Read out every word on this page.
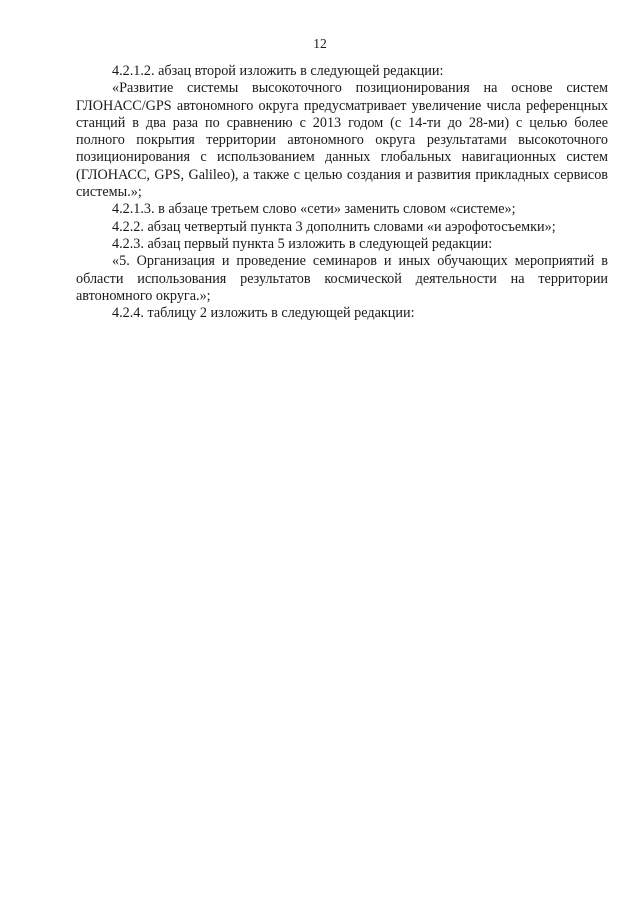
12

4.2.1.2. абзац второй изложить в следующей редакции:

«Развитие системы высокоточного позиционирования на основе систем ГЛОНАСС/GPS автономного округа предусматривает увеличение числа референцных станций в два раза по сравнению с 2013 годом (с 14-ти до 28-ми) с целью более полного покрытия территории автономного округа результатами высокоточного позиционирования с использованием данных глобальных навигационных систем (ГЛОНАСС, GPS, Galileo), а также с целью создания и развития прикладных сервисов системы.»;

4.2.1.3. в абзаце третьем слово «сети» заменить словом «системе»;

4.2.2. абзац четвертый пункта 3 дополнить словами «и аэрофотосъемки»;

4.2.3. абзац первый пункта 5 изложить в следующей редакции:

«5. Организация и проведение семинаров и иных обучающих мероприятий в области использования результатов космической деятельности на территории автономного округа.»;

4.2.4. таблицу 2 изложить в следующей редакции:
